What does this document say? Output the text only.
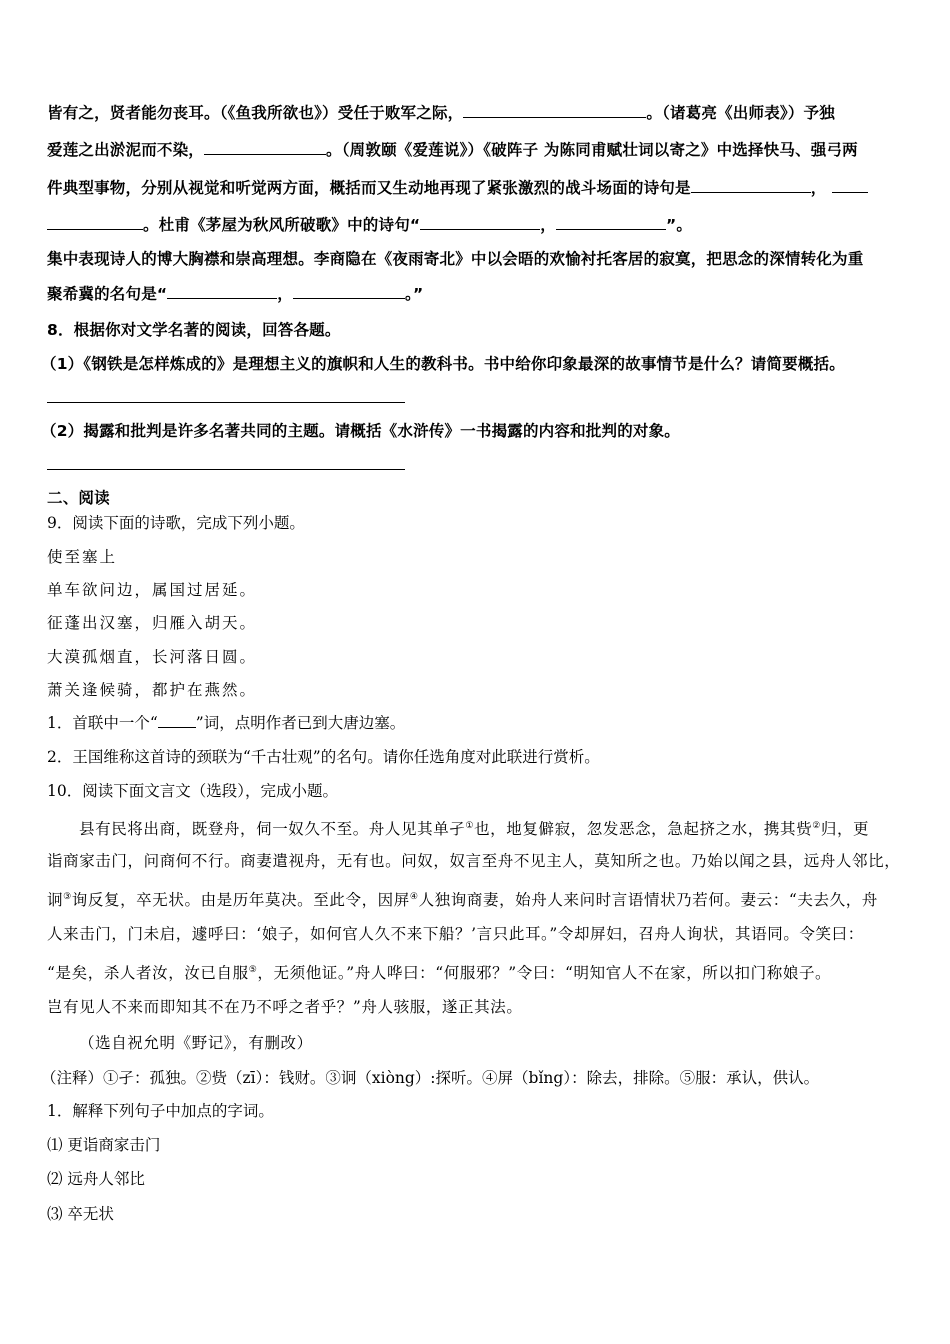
皆有之，贤者能勿丧耳。（《鱼我所欲也》）受任于败军之际，	。（诸葛亮《出师表》）予独
爱莲之出淤泥而不染，	。（周敦颐《爱莲说》）《破阵子 为陈同甫赋壮词以寄之》中选择快马、强弓两
件典型事物，分别从视觉和听觉两方面，概括而又生动地再现了紧张激烈的战斗场面的诗句是	，
。杜甫《茅屋为秋风所破歌》中的诗句“	，	”。
集中表现诗人的博大胸襟和崇高理想。李商隐在《夜雨寄北》中以会晤的欢愉衬托客居的寂寞，把思念的深情转化为重
聚希冀的名句是“	，	。”
8．根据你对文学名著的阅读，回答各题。
（1）《钢铁是怎样炼成的》是理想主义的旗帜和人生的教科书。书中给你印象最深的故事情节是什么？请简要概括。
（2）揭露和批判是许多名著共同的主题。请概括《水浒传》一书揭露的内容和批判的对象。
二、阅读
9．阅读下面的诗歌，完成下列小题。
使至塞上
单车欲问边，属国过居延。
征蓬出汉塞，归雁入胡天。
大漠孤烟直，长河落日圆。
萧关逢候骑，都护在燕然。
1．首联中一个“ ”词，点明作者已到大唐边塞。
2．王国维称这首诗的颈联为“千古壮观”的名句。请你任选角度对此联进行赏析。
10．阅读下面文言文（选段），完成小题。
县有民将出商，既登舟，伺一奴久不至。舟人见其单孑①也，地复僻寂，忽发恶念，急起挤之水，携其赀②归，更
诣商家击门，问商何不行。商妻遣视舟，无有也。问奴，奴言至舟不见主人，莫知所之也。乃始以闻之县，远舟人邻比，
诇③询反复，卒无状。由是历年莫决。至此令，因屏④人独询商妻，始舟人来问时言语情状乃若何。妻云：“夫去久，舟
人来击门，门未启，遽呼曰：‘娘子，如何官人久不来下船？’言只此耳。”令却屏妇，召舟人询状，其语同。令笑曰：
“是矣，杀人者汝，汝已自服⑤，无须他证。”舟人哗曰：“何服邪？”令曰：“明知官人不在家，所以扣门称娘子。
岂有见人不来而即知其不在乃不呼之者乎？”舟人骇服，遂正其法。
（选自祝允明《野记》，有删改）
（注释）①孑：孤独。②赀（zī）：钱财。③诇（xiòng）:探听。④屏（bǐng）：除去，排除。⑤服：承认，供认。
1．解释下列句子中加点的字词。
⑴ 更诣商家击门
⑵ 远舟人邻比
⑶ 卒无状
